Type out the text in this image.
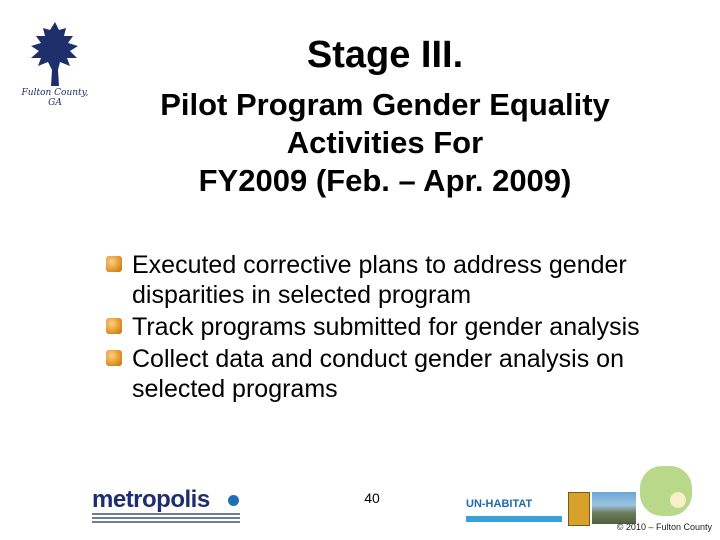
Fulton County, GA
Stage III.
Pilot Program Gender Equality
Activities For
FY2009 (Feb. – Apr. 2009)
Executed corrective plans to address gender disparities in selected program
Track programs submitted for gender analysis
Collect data and conduct gender analysis on selected programs
metropolis	40	UN-HABITAT
© 2010 – Fulton County
